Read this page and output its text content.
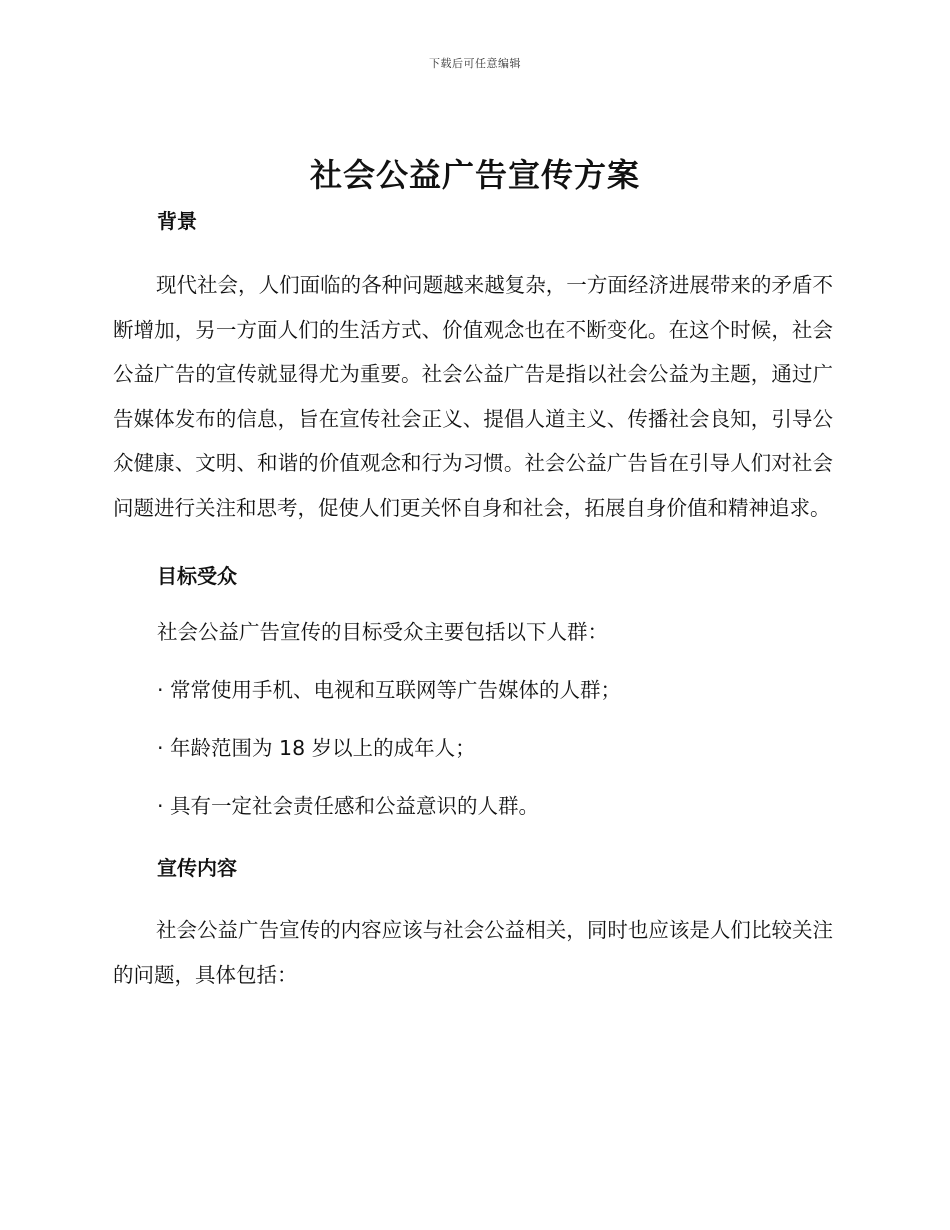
下载后可任意编辑
社会公益广告宣传方案
背景

现代社会，人们面临的各种问题越来越复杂，一方面经济进展带来的矛盾不断增加，另一方面人们的生活方式、价值观念也在不断变化。在这个时候，社会公益广告的宣传就显得尤为重要。社会公益广告是指以社会公益为主题，通过广告媒体发布的信息，旨在宣传社会正义、提倡人道主义、传播社会良知，引导公众健康、文明、和谐的价值观念和行为习惯。社会公益广告旨在引导人们对社会问题进行关注和思考，促使人们更关怀自身和社会，拓展自身价值和精神追求。

目标受众

社会公益广告宣传的目标受众主要包括以下人群：

· 常常使用手机、电视和互联网等广告媒体的人群；

· 年龄范围为 18 岁以上的成年人；

· 具有一定社会责任感和公益意识的人群。

宣传内容

社会公益广告宣传的内容应该与社会公益相关，同时也应该是人们比较关注的问题，具体包括：
